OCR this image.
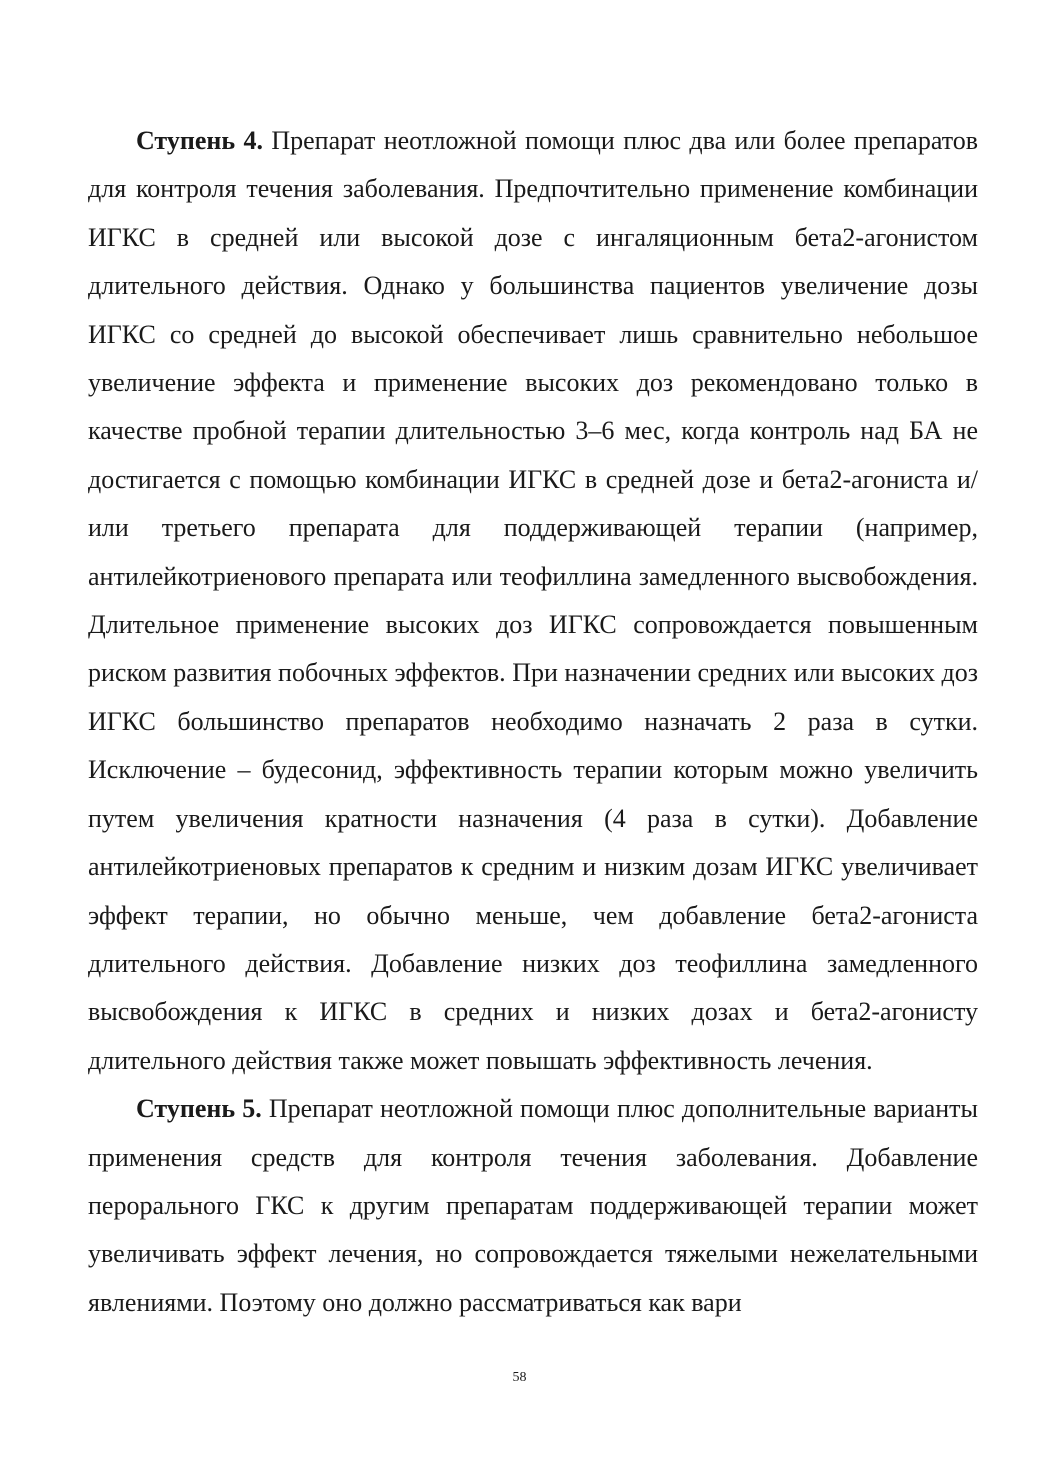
Ступень 4. Препарат неотложной помощи плюс два или более препаратов для контроля течения заболевания. Предпочтительно применение комбинации ИГКС в средней или высокой дозе с ингаляционным бета2-агонистом длительного действия. Однако у большинства пациентов увеличение дозы ИГКС со средней до высокой обеспечивает лишь сравнительно небольшое увеличение эффекта и применение высоких доз рекомендовано только в качестве пробной терапии длительностью 3–6 мес, когда контроль над БА не достигается с помощью комбинации ИГКС в средней дозе и бета2-агониста и/или третьего препарата для поддерживающей терапии (например, антилейкотриенового препарата или теофиллина замедленного высвобождения. Длительное применение высоких доз ИГКС сопровождается повышенным риском развития побочных эффектов. При назначении средних или высоких доз ИГКС большинство препаратов необходимо назначать 2 раза в сутки. Исключение – будесонид, эффективность терапии которым можно увеличить путем увеличения кратности назначения (4 раза в сутки). Добавление антилейкотриеновых препаратов к средним и низким дозам ИГКС увеличивает эффект терапии, но обычно меньше, чем добавление бета2-агониста длительного действия. Добавление низких доз теофиллина замедленного высвобождения к ИГКС в средних и низких дозах и бета2-агонисту длительного действия также может повышать эффективность лечения.

Ступень 5. Препарат неотложной помощи плюс дополнительные варианты применения средств для контроля течения заболевания. Добавление перорального ГКС к другим препаратам поддерживающей терапии может увеличивать эффект лечения, но сопровождается тяжелыми нежелательными явлениями. Поэтому оно должно рассматриваться как вари

58
